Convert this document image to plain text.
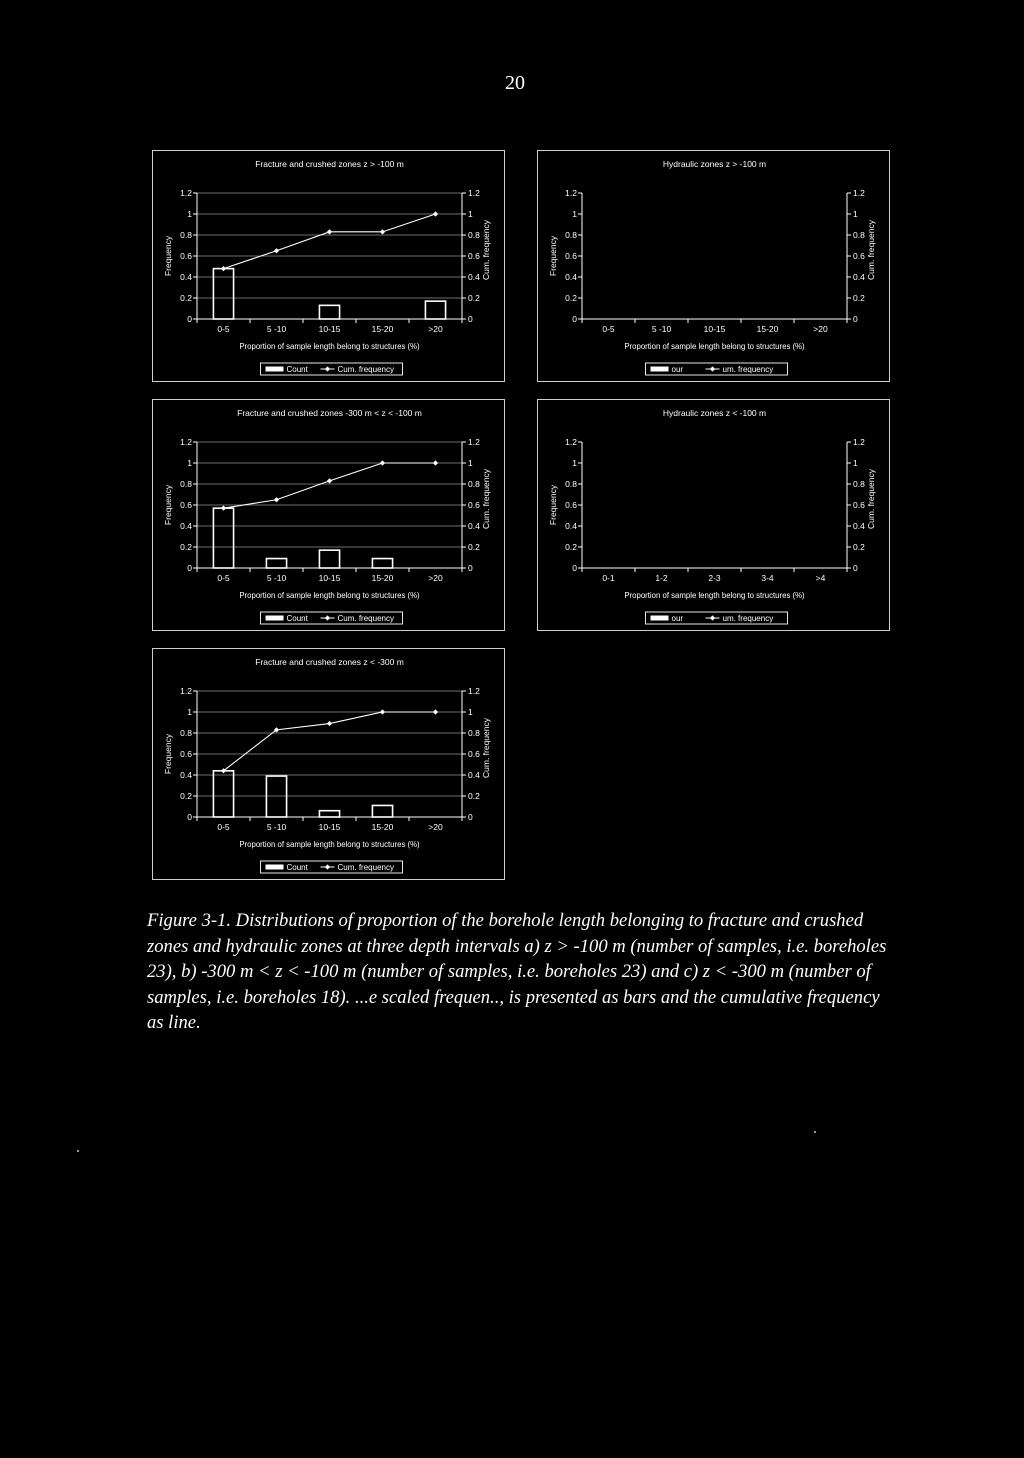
20
Fracture and crushed zones z > -100 m
0	0
0.2	0.2
0.4	0.4
0.6	0.6
0.8	0.8
1	1
1.2	1.2
0-5	5 -10	10-15	15-20	>20
Frequency	Cum. frequency
Proportion of sample length belong to structures (%)
Count	Cum. frequency
Hydraulic zones z > -100 m
0	0
0.2	0.2
0.4	0.4
0.6	0.6
0.8	0.8
1	1
1.2	1.2
0-5	5 -10	10-15	15-20	>20
Frequency	Cum. frequency
Proportion of sample length belong to structures (%)
our	um. frequency
Fracture and crushed zones -300 m < z < -100 m
0	0
0.2	0.2
0.4	0.4
0.6	0.6
0.8	0.8
1	1
1.2	1.2
0-5	5 -10	10-15	15-20	>20
Frequency	Cum. frequency
Proportion of sample length belong to structures (%)
Count	Cum. frequency
Hydraulic zones z < -100 m
0	0
0.2	0.2
0.4	0.4
0.6	0.6
0.8	0.8
1	1
1.2	1.2
0-1	1-2	2-3	3-4	>4
Frequency	Cum. frequency
Proportion of sample length belong to structures (%)
our	um. frequency
Fracture and crushed zones z < -300 m
0	0
0.2	0.2
0.4	0.4
0.6	0.6
0.8	0.8
1	1
1.2	1.2
0-5	5 -10	10-15	15-20	>20
Frequency	Cum. frequency
Proportion of sample length belong to structures (%)
Count	Cum. frequency
Figure 3-1. Distributions of proportion of the borehole length belonging to fracture and crushed zones and hydraulic zones at three depth intervals a) z > -100 m (number of samples, i.e. boreholes 23), b) -300 m < z < -100 m (number of samples, i.e. boreholes 23) and c) z < -300 m (number of samples, i.e. boreholes 18). ...e scaled frequen.., is presented as bars and the cumulative frequency as line.
